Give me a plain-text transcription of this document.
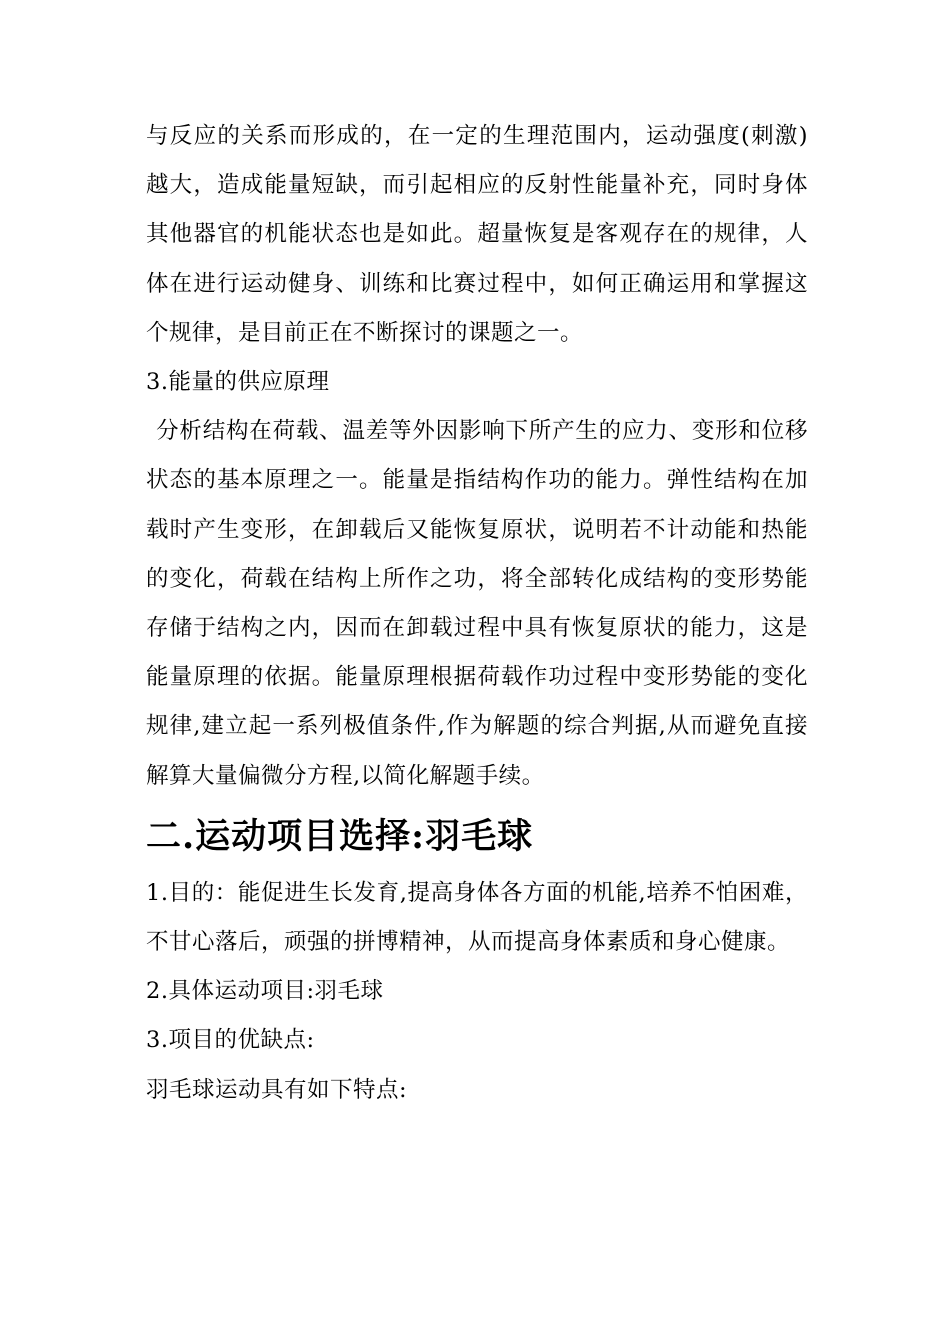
与反应的关系而形成的，在一定的生理范围内，运动强度(刺激)越大，造成能量短缺，而引起相应的反射性能量补充，同时身体其他器官的机能状态也是如此。超量恢复是客观存在的规律，人体在进行运动健身、训练和比赛过程中，如何正确运用和掌握这个规律，是目前正在不断探讨的课题之一。

3.能量的供应原理

分析结构在荷载、温差等外因影响下所产生的应力、变形和位移状态的基本原理之一。能量是指结构作功的能力。弹性结构在加载时产生变形，在卸载后又能恢复原状，说明若不计动能和热能的变化，荷载在结构上所作之功，将全部转化成结构的变形势能存储于结构之内，因而在卸载过程中具有恢复原状的能力，这是能量原理的依据。能量原理根据荷载作功过程中变形势能的变化规律,建立起一系列极值条件,作为解题的综合判据,从而避免直接解算大量偏微分方程,以简化解题手续。

二.运动项目选择:羽毛球

1.目的：能促进生长发育,提高身体各方面的机能,培养不怕困难，不甘心落后，顽强的拼博精神，从而提高身体素质和身心健康。

2.具体运动项目:羽毛球

3.项目的优缺点:

羽毛球运动具有如下特点:
